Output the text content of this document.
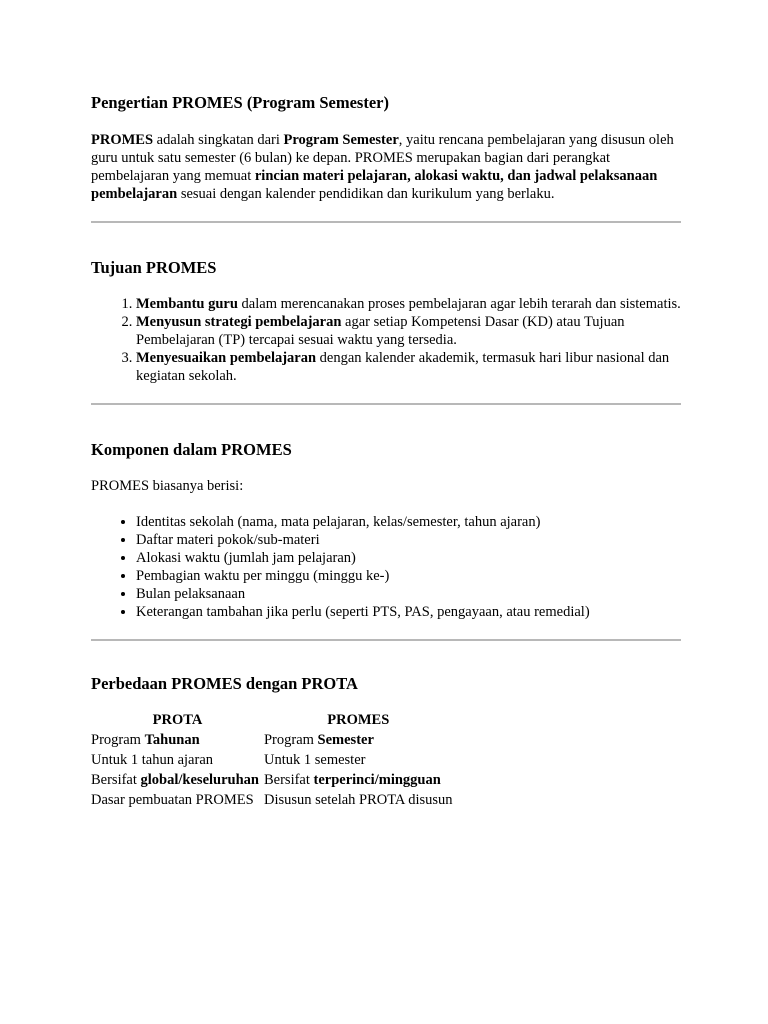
Pengertian PROMES (Program Semester)

PROMES adalah singkatan dari Program Semester, yaitu rencana pembelajaran yang disusun oleh guru untuk satu semester (6 bulan) ke depan. PROMES merupakan bagian dari perangkat pembelajaran yang memuat rincian materi pelajaran, alokasi waktu, dan jadwal pelaksanaan pembelajaran sesuai dengan kalender pendidikan dan kurikulum yang berlaku.

Tujuan PROMES
1. Membantu guru dalam merencanakan proses pembelajaran agar lebih terarah dan sistematis.
2. Menyusun strategi pembelajaran agar setiap Kompetensi Dasar (KD) atau Tujuan Pembelajaran (TP) tercapai sesuai waktu yang tersedia.
3. Menyesuaikan pembelajaran dengan kalender akademik, termasuk hari libur nasional dan kegiatan sekolah.
Komponen dalam PROMES

PROMES biasanya berisi:

• Identitas sekolah (nama, mata pelajaran, kelas/semester, tahun ajaran)
• Daftar materi pokok/sub-materi
• Alokasi waktu (jumlah jam pelajaran)
• Pembagian waktu per minggu (minggu ke-)
• Bulan pelaksanaan
• Keterangan tambahan jika perlu (seperti PTS, PAS, pengayaan, atau remedial)
Perbedaan PROMES dengan PROTA
PROTA	PROMES
Program Tahunan	Program Semester
Untuk 1 tahun ajaran	Untuk 1 semester
Bersifat global/keseluruhan	Bersifat terperinci/mingguan
Dasar pembuatan PROMES	Disusun setelah PROTA disusun
